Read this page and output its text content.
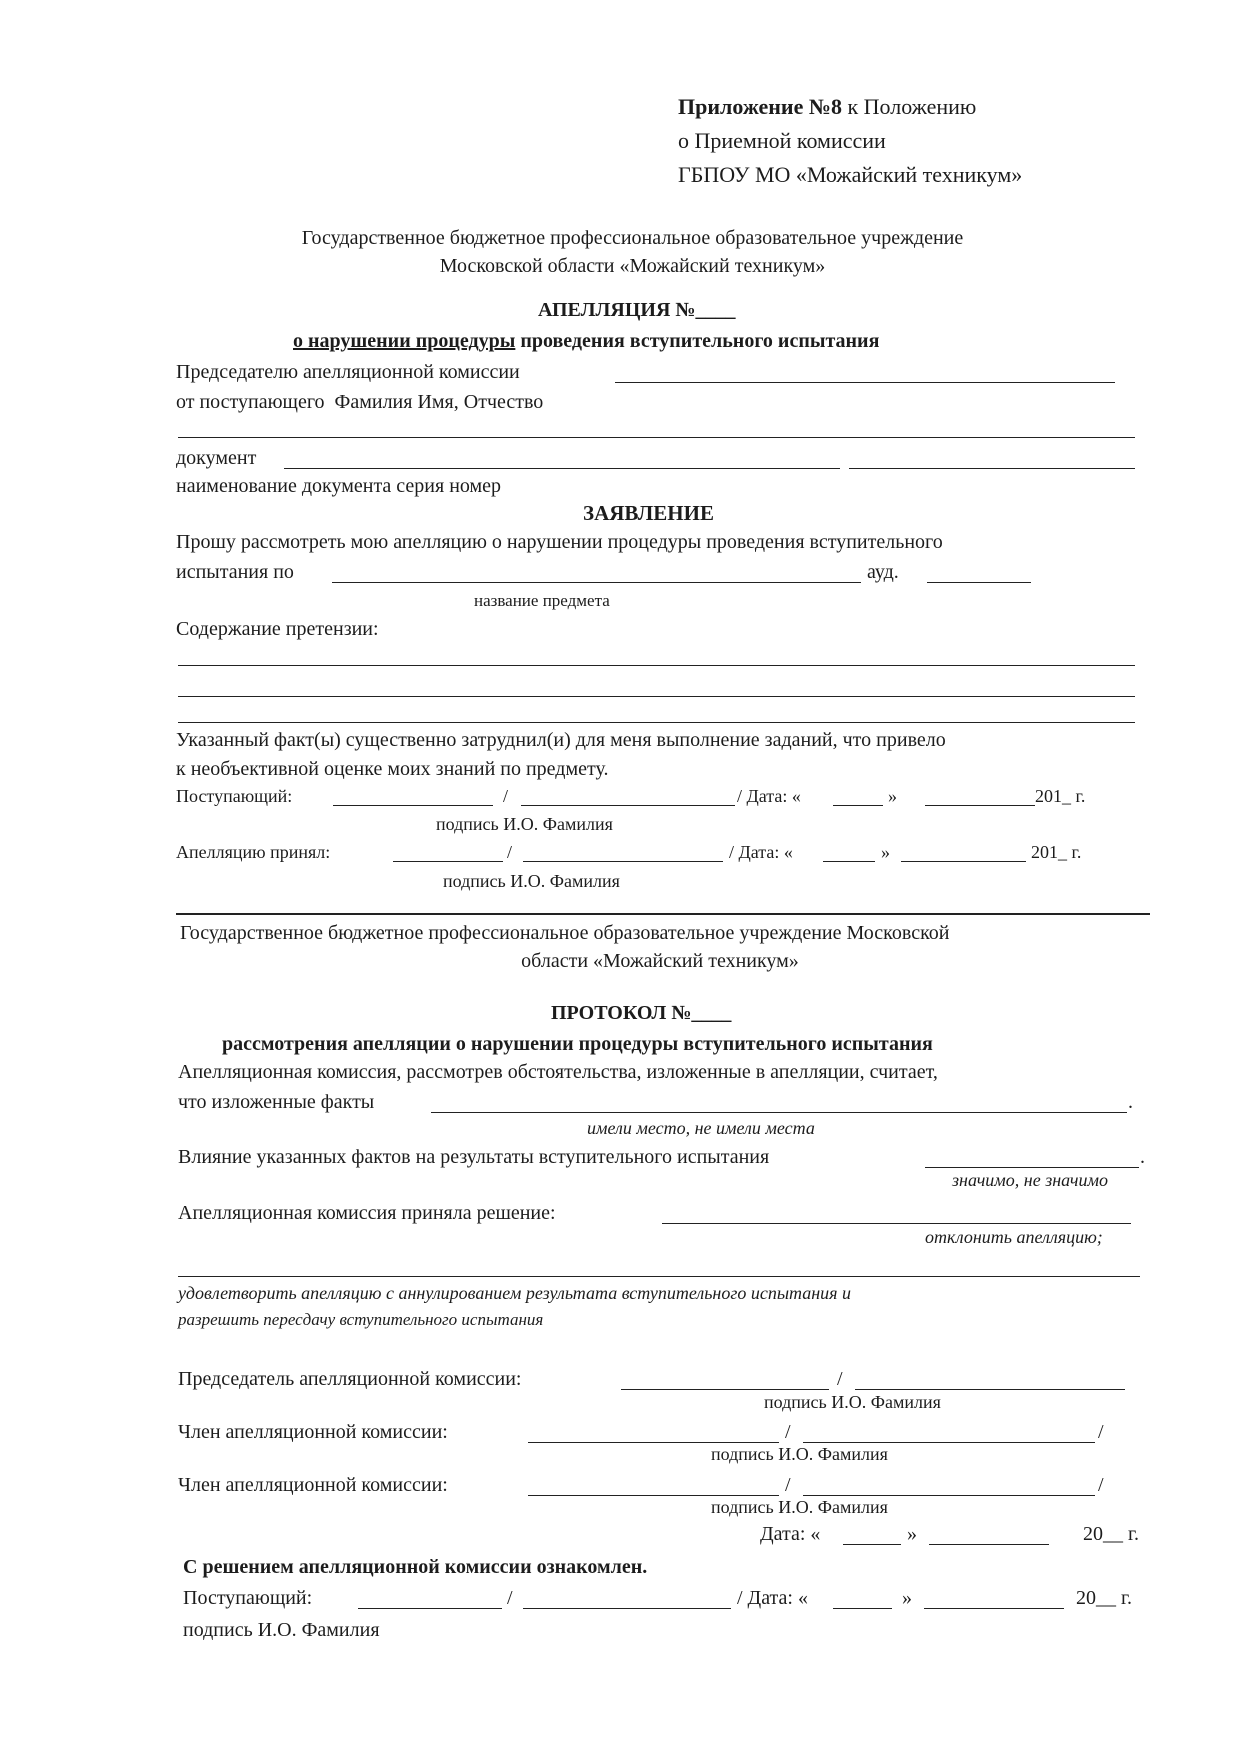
Приложение №8 к Положению
о Приемной комиссии
ГБПОУ МО «Можайский техникум»
Государственное бюджетное профессиональное образовательное учреждение
Московской области «Можайский техникум»
АПЕЛЛЯЦИЯ №____
о нарушении процедуры проведения вступительного испытания
Председателю апелляционной комиссии
от поступающего  Фамилия Имя, Отчество
документ
наименование документа серия номер
ЗАЯВЛЕНИЕ
Прошу рассмотреть мою апелляцию о нарушении процедуры проведения вступительного
испытания по	ауд.
название предмета
Содержание претензии:
Указанный факт(ы) существенно затруднил(и) для меня выполнение заданий, что привело
к необъективной оценке моих знаний по предмету.
Поступающий:	/	/ Дата: «	»	201_ г.
подпись И.О. Фамилия
Апелляцию принял:	/	/ Дата: «	»	201_ г.
подпись И.О. Фамилия
Государственное бюджетное профессиональное образовательное учреждение Московской
области «Можайский техникум»
ПРОТОКОЛ №____
рассмотрения апелляции о нарушении процедуры вступительного испытания
Апелляционная комиссия, рассмотрев обстоятельства, изложенные в апелляции, считает,
что изложенные факты	.
имели место, не имели места
Влияние указанных фактов на результаты вступительного испытания	.
значимо, не значимо
Апелляционная комиссия приняла решение:
отклонить апелляцию;
удовлетворить апелляцию с аннулированием результата вступительного испытания и
разрешить пересдачу вступительного испытания
Председатель апелляционной комиссии:	/
подпись И.О. Фамилия
Член апелляционной комиссии:	/	/
подпись И.О. Фамилия
Член апелляционной комиссии:	/	/
подпись И.О. Фамилия
Дата: «	»	20__ г.
С решением апелляционной комиссии ознакомлен.
Поступающий:	/	/ Дата: «	»	20__ г.
подпись И.О. Фамилия
